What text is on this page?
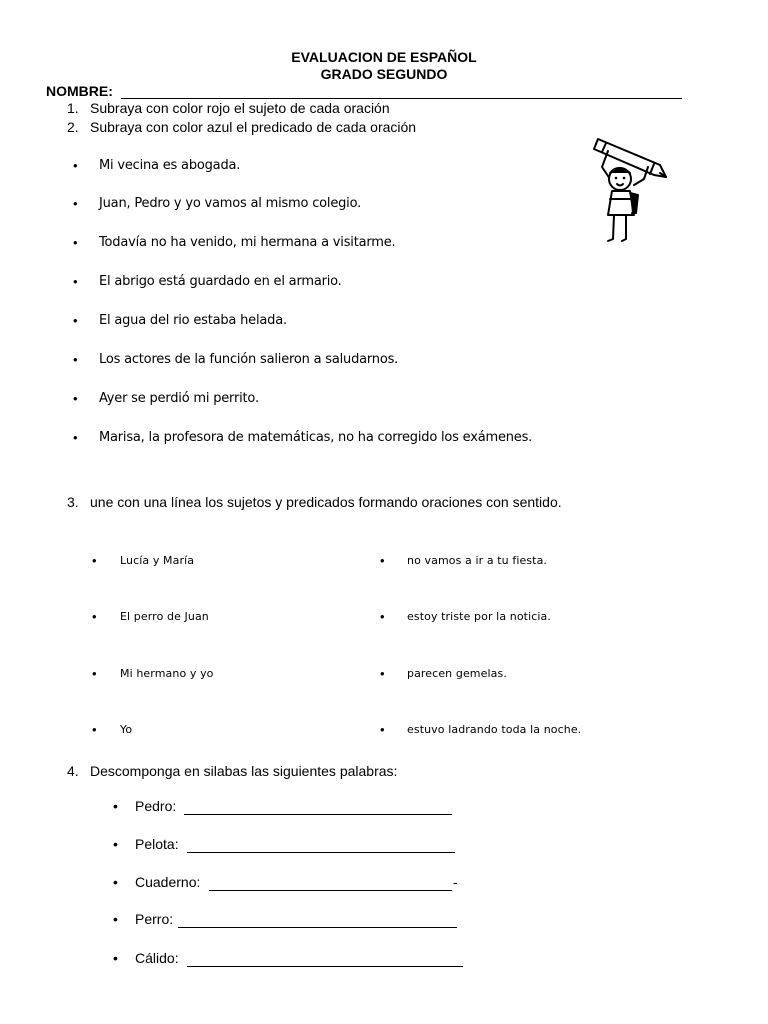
EVALUACION DE ESPAÑOL
GRADO SEGUNDO
NOMBRE:
1. Subraya con color rojo el sujeto de cada oración
2. Subraya con color azul el predicado de cada oración
• Mi vecina es abogada.
• Juan, Pedro y yo vamos al mismo colegio.
• Todavía no ha venido, mi hermana a visitarme.
• El abrigo está guardado en el armario.
• El agua del rio estaba helada.
• Los actores de la función salieron a saludarnos.
• Ayer se perdió mi perrito.
• Marisa, la profesora de matemáticas, no ha corregido los exámenes.
3. une con una línea los sujetos y predicados formando oraciones con sentido.
• Lucía y María
• El perro de Juan
• Mi hermano y yo
• Yo
• no vamos a ir a tu fiesta.
• estoy triste por la noticia.
• parecen gemelas.
• estuvo ladrando toda la noche.
4. Descomponga en silabas las siguientes palabras:
• Pedro:
• Pelota:
• Cuaderno:	-
• Perro:
• Cálido:
